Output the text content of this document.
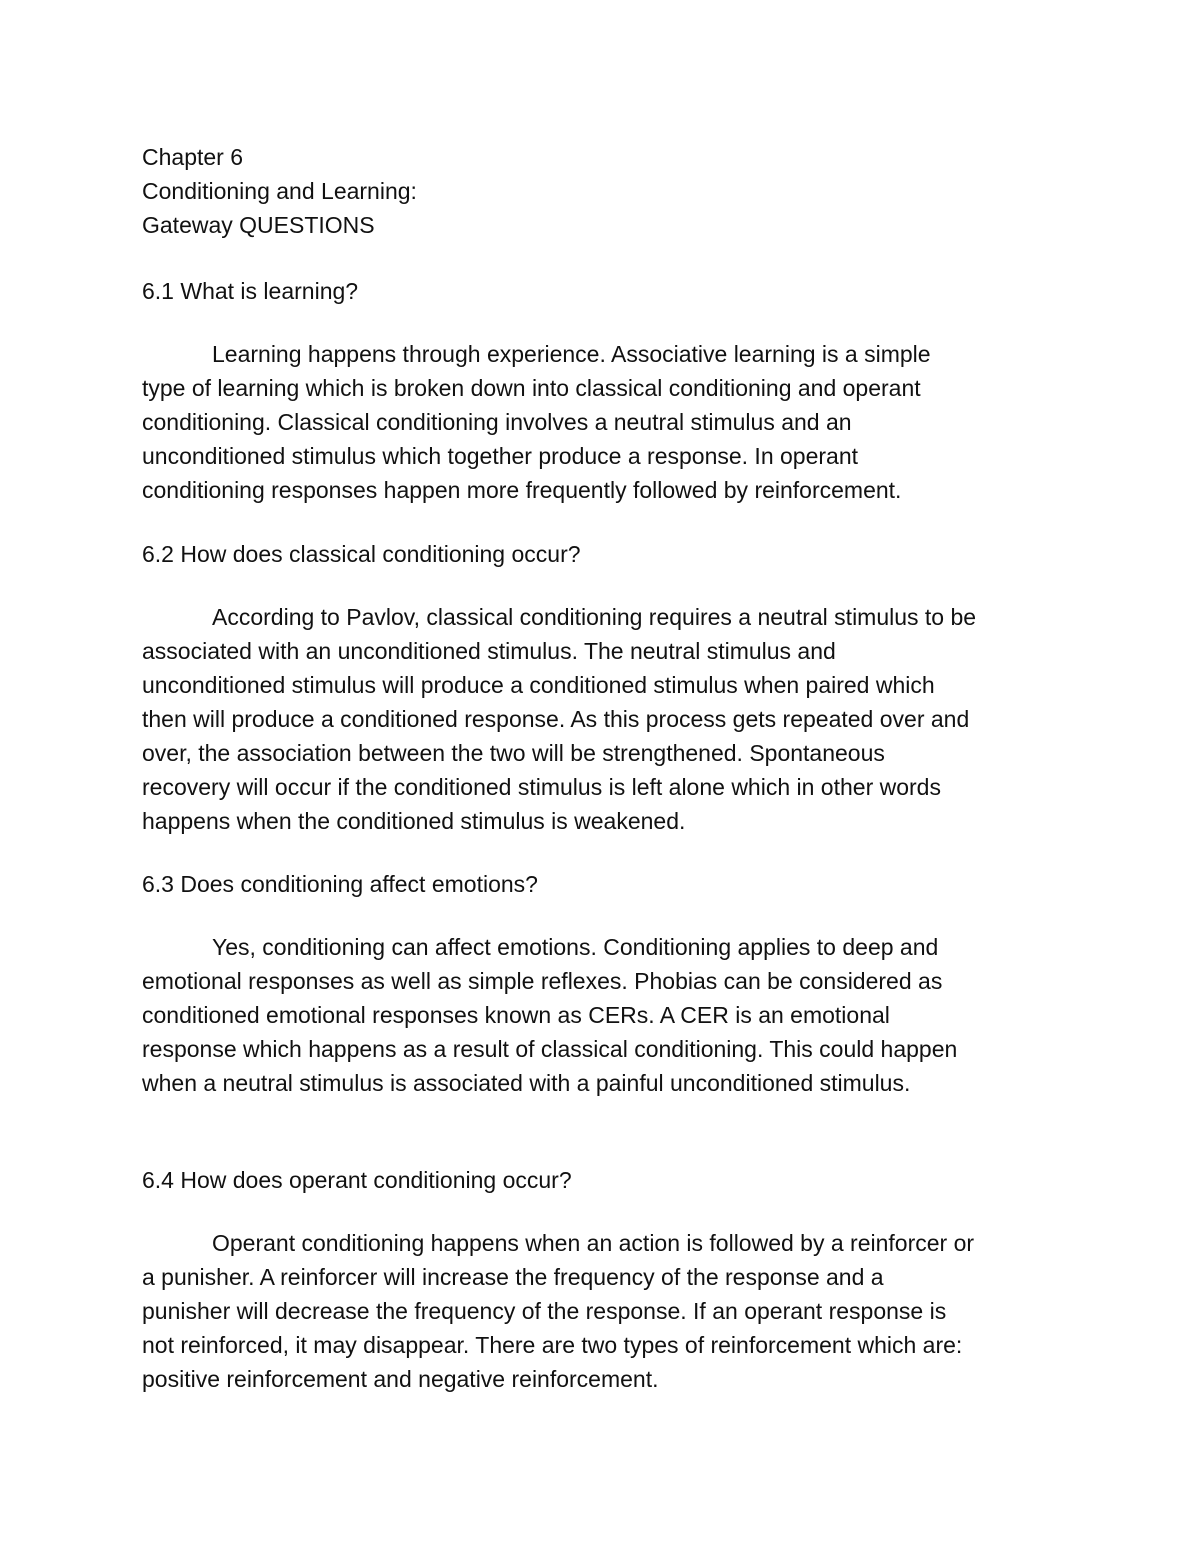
Chapter 6
Conditioning and Learning:
Gateway QUESTIONS
6.1 What is learning?
Learning happens through experience. Associative learning is a simple
type of learning which is broken down into classical conditioning and operant
conditioning. Classical conditioning involves a neutral stimulus and an
unconditioned stimulus which together produce a response. In operant
conditioning responses happen more frequently followed by reinforcement.
6.2 How does classical conditioning occur?
According to Pavlov, classical conditioning requires a neutral stimulus to be
associated with an unconditioned stimulus. The neutral stimulus and
unconditioned stimulus will produce a conditioned stimulus when paired which
then will produce a conditioned response. As this process gets repeated over and
over, the association between the two will be strengthened. Spontaneous
recovery will occur if the conditioned stimulus is left alone which in other words
happens when the conditioned stimulus is weakened.
6.3 Does conditioning affect emotions?
Yes, conditioning can affect emotions. Conditioning applies to deep and
emotional responses as well as simple reflexes. Phobias can be considered as
conditioned emotional responses known as CERs. A CER is an emotional
response which happens as a result of classical conditioning. This could happen
when a neutral stimulus is associated with a painful unconditioned stimulus.
6.4 How does operant conditioning occur?
Operant conditioning happens when an action is followed by a reinforcer or
a punisher. A reinforcer will increase the frequency of the response and a
punisher will decrease the frequency of the response. If an operant response is
not reinforced, it may disappear. There are two types of reinforcement which are:
positive reinforcement and negative reinforcement.
